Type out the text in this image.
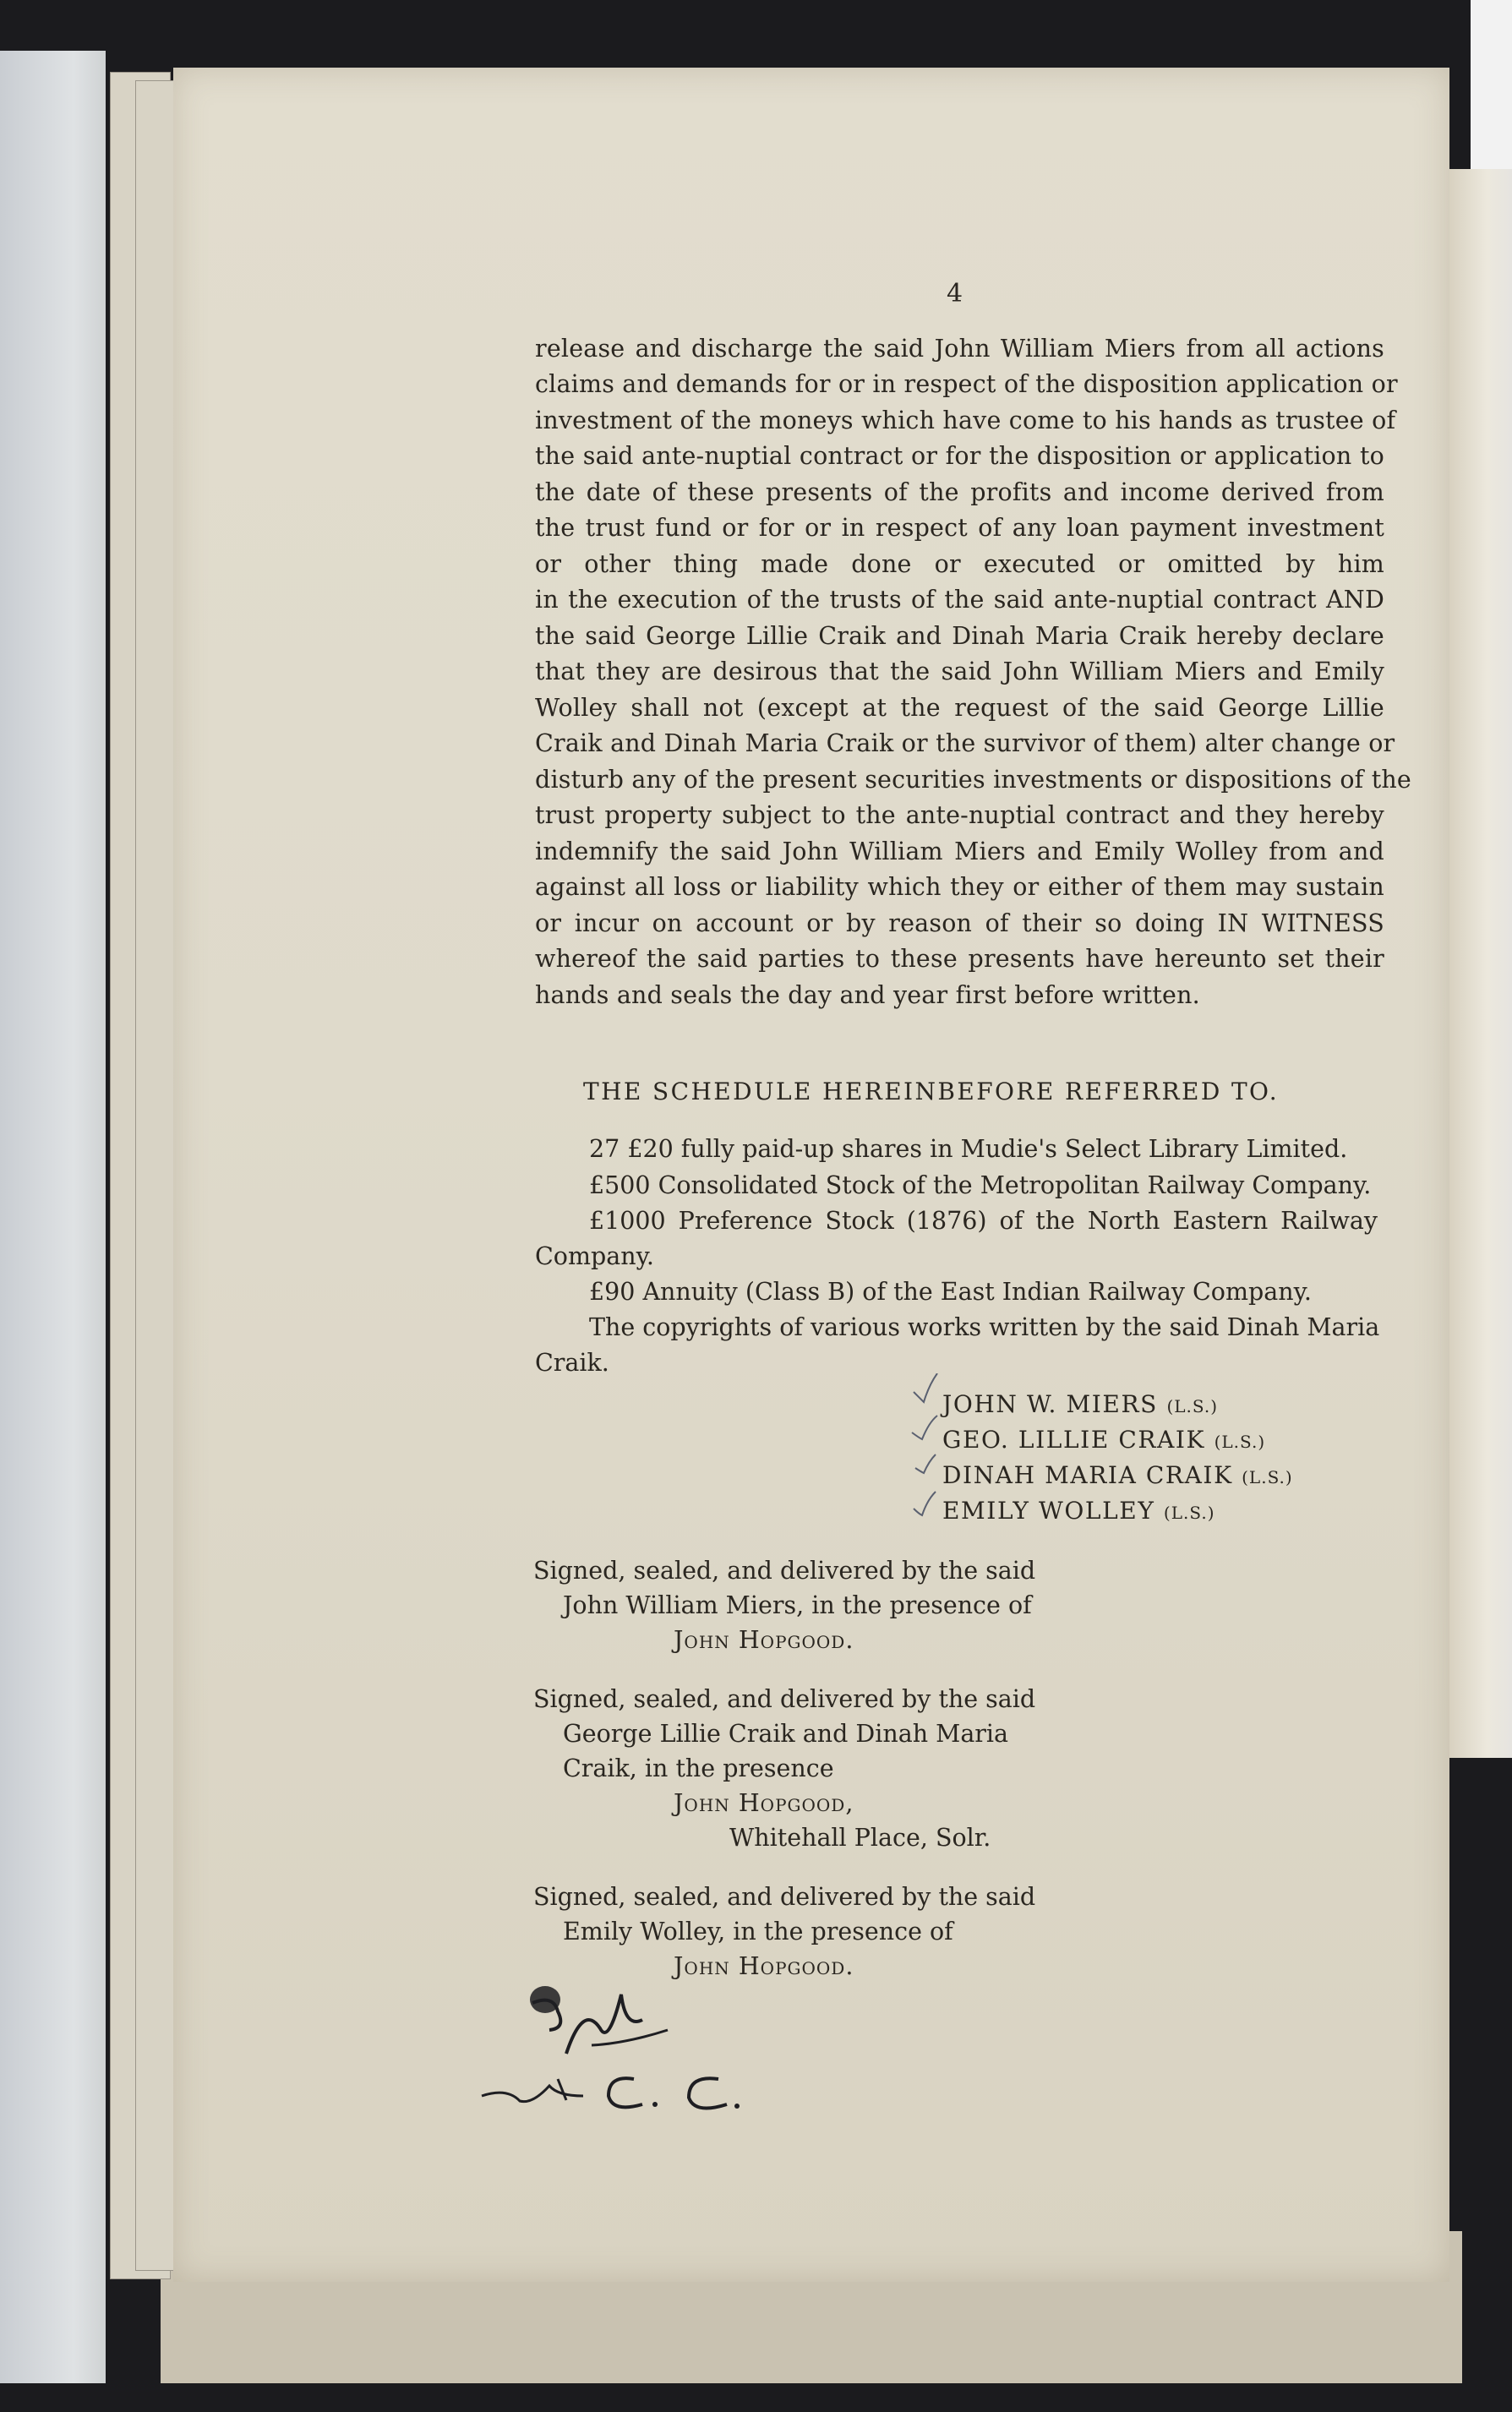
4

release and discharge the said John William Miers from all actions

claims and demands for or in respect of the disposition application or

investment of the moneys which have come to his hands as trustee of

the said ante-nuptial contract or for the disposition or application to

the date of these presents of the profits and income derived from

the trust fund or for or in respect of any loan payment investment

or other thing made done or executed or omitted by him

in the execution of the trusts of the said ante-nuptial contract AND

the said George Lillie Craik and Dinah Maria Craik hereby declare

that they are desirous that the said John William Miers and Emily

Wolley shall not (except at the request of the said George Lillie

Craik and Dinah Maria Craik or the survivor of them) alter change or

disturb any of the present securities investments or dispositions of the

trust property subject to the ante-nuptial contract and they hereby

indemnify the said John William Miers and Emily Wolley from and

against all loss or liability which they or either of them may sustain

or incur on account or by reason of their so doing IN WITNESS

whereof the said parties to these presents have hereunto set their

hands and seals the day and year first before written.

THE SCHEDULE HEREINBEFORE REFERRED TO.

27 £20 fully paid-up shares in Mudie's Select Library Limited.

£500 Consolidated Stock of the Metropolitan Railway Company.

£1000 Preference Stock (1876) of the North Eastern Railway

Company.

£90 Annuity (Class B) of the East Indian Railway Company.

The copyrights of various works written by the said Dinah Maria

Craik.

JOHN W. MIERS (L.S.)
GEO. LILLIE CRAIK (L.S.)
DINAH MARIA CRAIK (L.S.)
EMILY WOLLEY (L.S.)

Signed, sealed, and delivered by the said

John William Miers, in the presence of

John Hopgood.

Signed, sealed, and delivered by the said

George Lillie Craik and Dinah Maria

Craik, in the presence

John Hopgood,

Whitehall Place, Solr.

Signed, sealed, and delivered by the said

Emily Wolley, in the presence of

John Hopgood.
